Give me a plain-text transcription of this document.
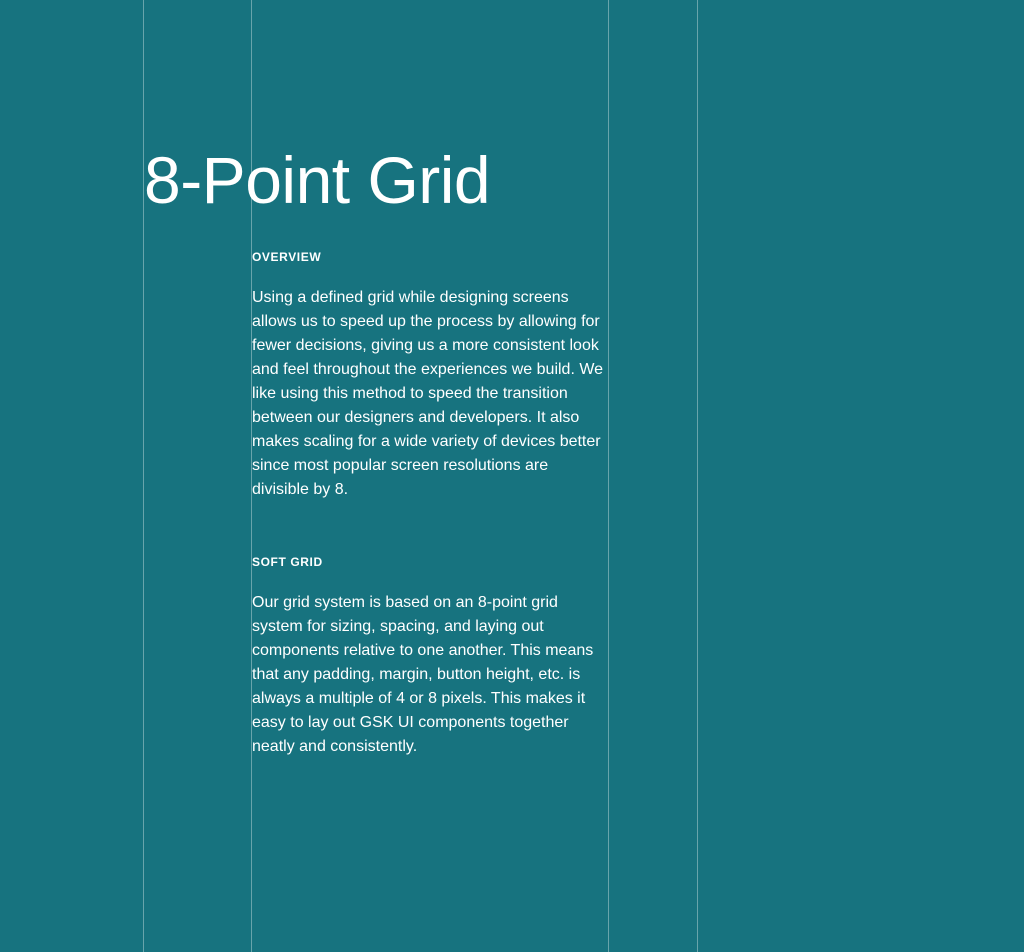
8-Point Grid
OVERVIEW

Using a defined grid while designing screens allows us to speed up the process by allowing for fewer decisions, giving us a more consistent look and feel throughout the experiences we build. We like using this method to speed the transition between our designers and developers. It also makes scaling for a wide variety of devices better since most popular screen resolutions are divisible by 8.

SOFT GRID

Our grid system is based on an 8-point grid system for sizing, spacing, and laying out components relative to one another. This means that any padding, margin, button height, etc. is always a multiple of 4 or 8 pixels. This makes it easy to lay out GSK UI components together neatly and consistently.
